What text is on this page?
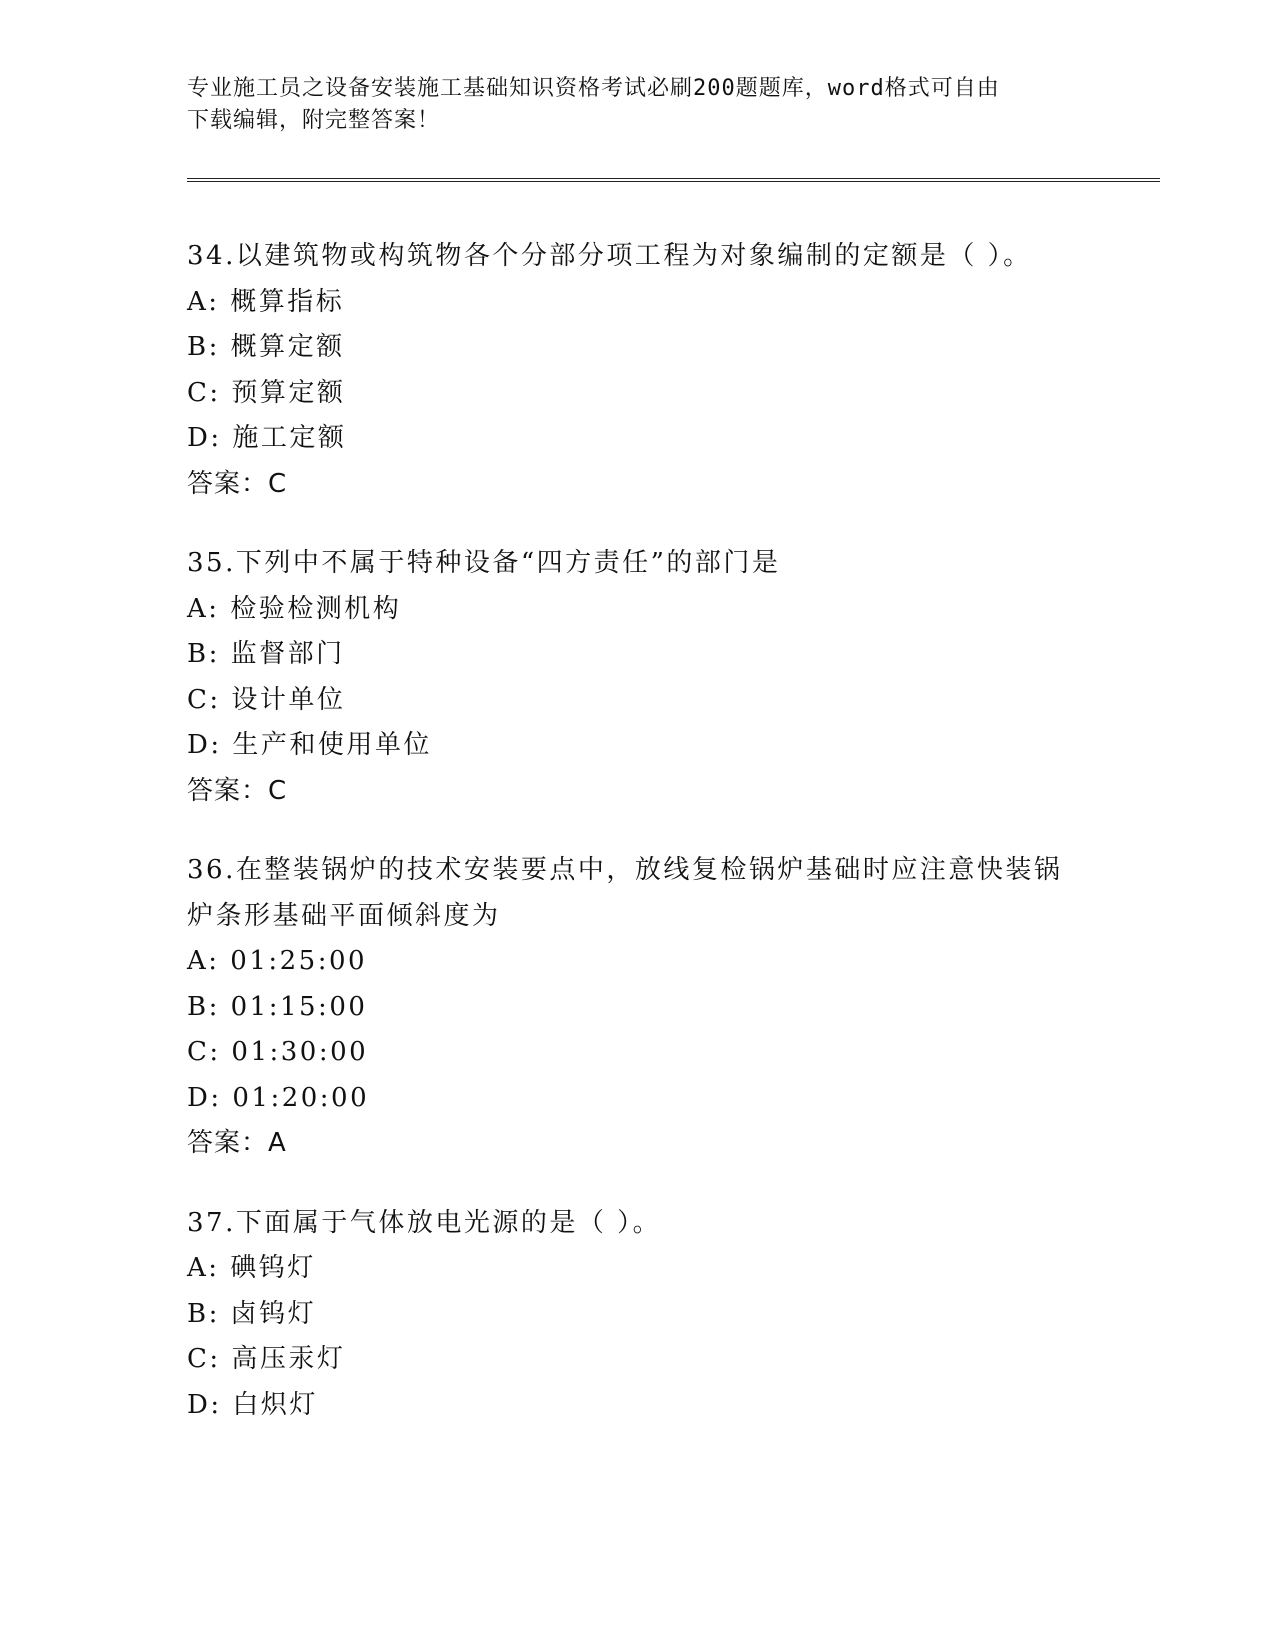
专业施工员之设备安装施工基础知识资格考试必刷200题题库，word格式可自由
下载编辑，附完整答案！
34.以建筑物或构筑物各个分部分项工程为对象编制的定额是（ ）。
A: 概算指标
B: 概算定额
C: 预算定额
D: 施工定额
答案：C
35.下列中不属于特种设备“四方责任”的部门是
A: 检验检测机构
B: 监督部门
C: 设计单位
D: 生产和使用单位
答案：C
36.在整装锅炉的技术安装要点中，放线复检锅炉基础时应注意快装锅
炉条形基础平面倾斜度为
A: 01:25:00
B: 01:15:00
C: 01:30:00
D: 01:20:00
答案：A
37.下面属于气体放电光源的是（ ）。
A: 碘钨灯
B: 卤钨灯
C: 高压汞灯
D: 白炽灯
